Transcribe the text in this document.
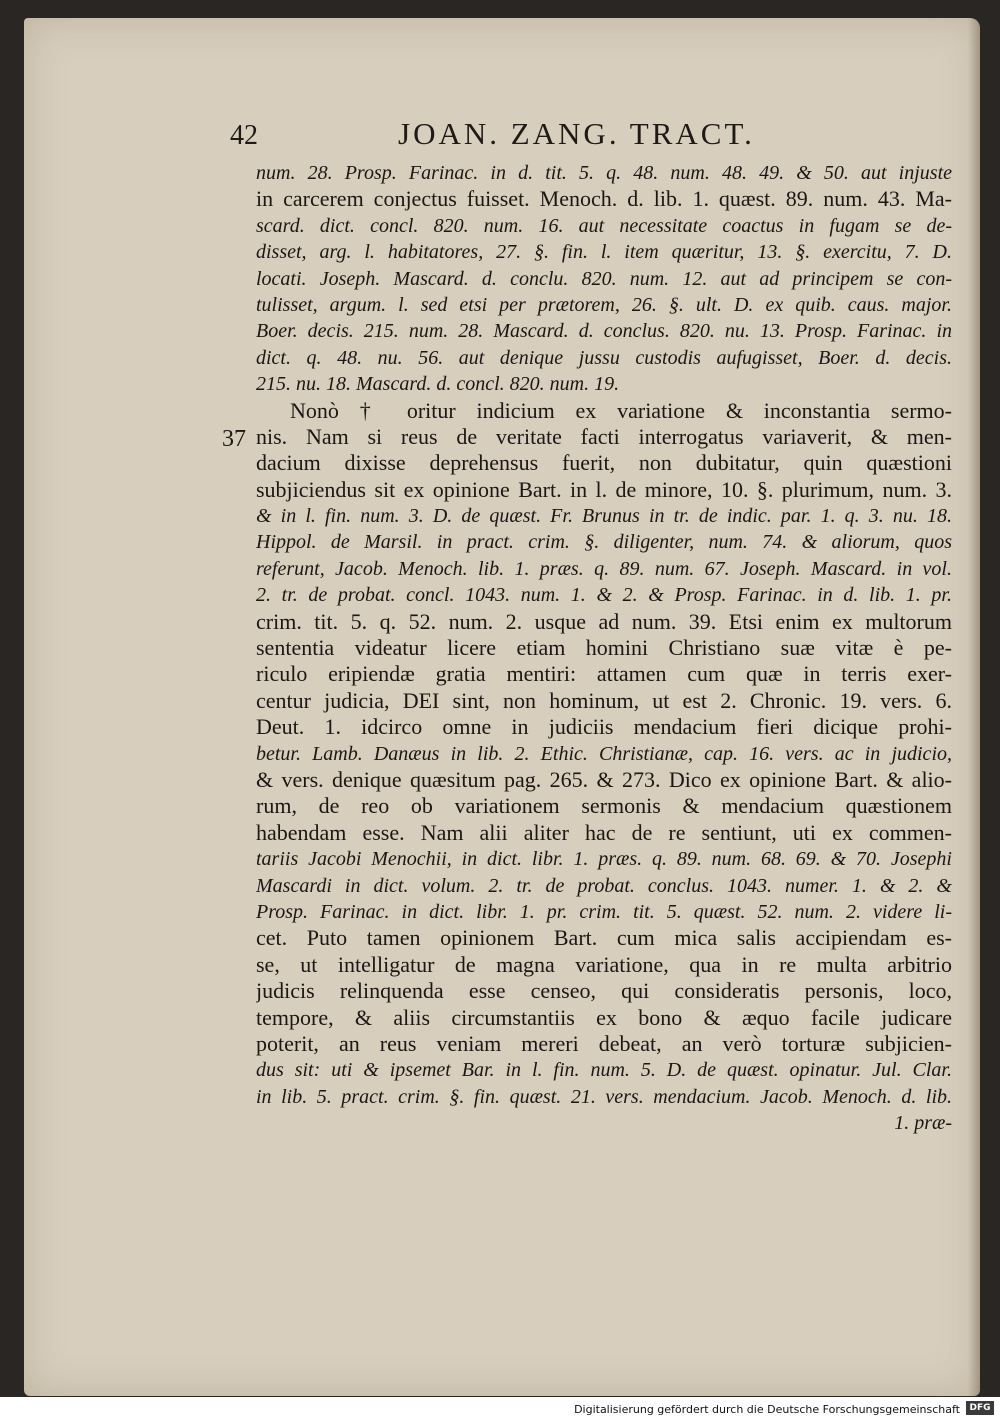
42	JOAN. ZANG. TRACT.
37
num. 28. Prosp. Farinac. in d. tit. 5. q. 48. num. 48. 49. & 50. aut injuste
in carcerem conjectus fuisset. Menoch. d. lib. 1. quæst. 89. num. 43. Ma-
scard. dict. concl. 820. num. 16. aut necessitate coactus in fugam se de-
disset, arg. l. habitatores, 27. §. fin. l. item quæritur, 13. §. exercitu, 7. D.
locati. Joseph. Mascard. d. conclu. 820. num. 12. aut ad principem se con-
tulisset, argum. l. sed etsi per prætorem, 26. §. ult. D. ex quib. caus. major.
Boer. decis. 215. num. 28. Mascard. d. conclus. 820. nu. 13. Prosp. Farinac. in
dict. q. 48. nu. 56. aut denique jussu custodis aufugisset, Boer. d. decis.
215. nu. 18. Mascard. d. concl. 820. num. 19.
Nonò † oritur indicium ex variatione & inconstantia sermo-
nis. Nam si reus de veritate facti interrogatus variaverit, & men-
dacium dixisse deprehensus fuerit, non dubitatur, quin quæstioni
subjiciendus sit ex opinione Bart. in l. de minore, 10. §. plurimum, num. 3.
& in l. fin. num. 3. D. de quæst. Fr. Brunus in tr. de indic. par. 1. q. 3. nu. 18.
Hippol. de Marsil. in pract. crim. §. diligenter, num. 74. & aliorum, quos
referunt, Jacob. Menoch. lib. 1. præs. q. 89. num. 67. Joseph. Mascard. in vol.
2. tr. de probat. concl. 1043. num. 1. & 2. & Prosp. Farinac. in d. lib. 1. pr.
crim. tit. 5. q. 52. num. 2. usque ad num. 39. Etsi enim ex multorum
sententia videatur licere etiam homini Christiano suæ vitæ è pe-
riculo eripiendæ gratia mentiri: attamen cum quæ in terris exer-
centur judicia, DEI sint, non hominum, ut est 2. Chronic. 19. vers. 6.
Deut. 1. idcirco omne in judiciis mendacium fieri dicique prohi-
betur. Lamb. Danæus in lib. 2. Ethic. Christianæ, cap. 16. vers. ac in judicio,
& vers. denique quæsitum pag. 265. & 273. Dico ex opinione Bart. & alio-
rum, de reo ob variationem sermonis & mendacium quæstionem
habendam esse. Nam alii aliter hac de re sentiunt, uti ex commen-
tariis Jacobi Menochii, in dict. libr. 1. præs. q. 89. num. 68. 69. & 70. Josephi
Mascardi in dict. volum. 2. tr. de probat. conclus. 1043. numer. 1. & 2. &
Prosp. Farinac. in dict. libr. 1. pr. crim. tit. 5. quæst. 52. num. 2. videre li-
cet. Puto tamen opinionem Bart. cum mica salis accipiendam es-
se, ut intelligatur de magna variatione, qua in re multa arbitrio
judicis relinquenda esse censeo, qui consideratis personis, loco,
tempore, & aliis circumstantiis ex bono & æquo facile judicare
poterit, an reus veniam mereri debeat, an verò torturæ subjicien-
dus sit: uti & ipsemet Bar. in l. fin. num. 5. D. de quæst. opinatur. Jul. Clar.
in lib. 5. pract. crim. §. fin. quæst. 21. vers. mendacium. Jacob. Menoch. d. lib.
1. præ-
Digitalisierung gefördert durch die Deutsche Forschungsgemeinschaft	DFG
